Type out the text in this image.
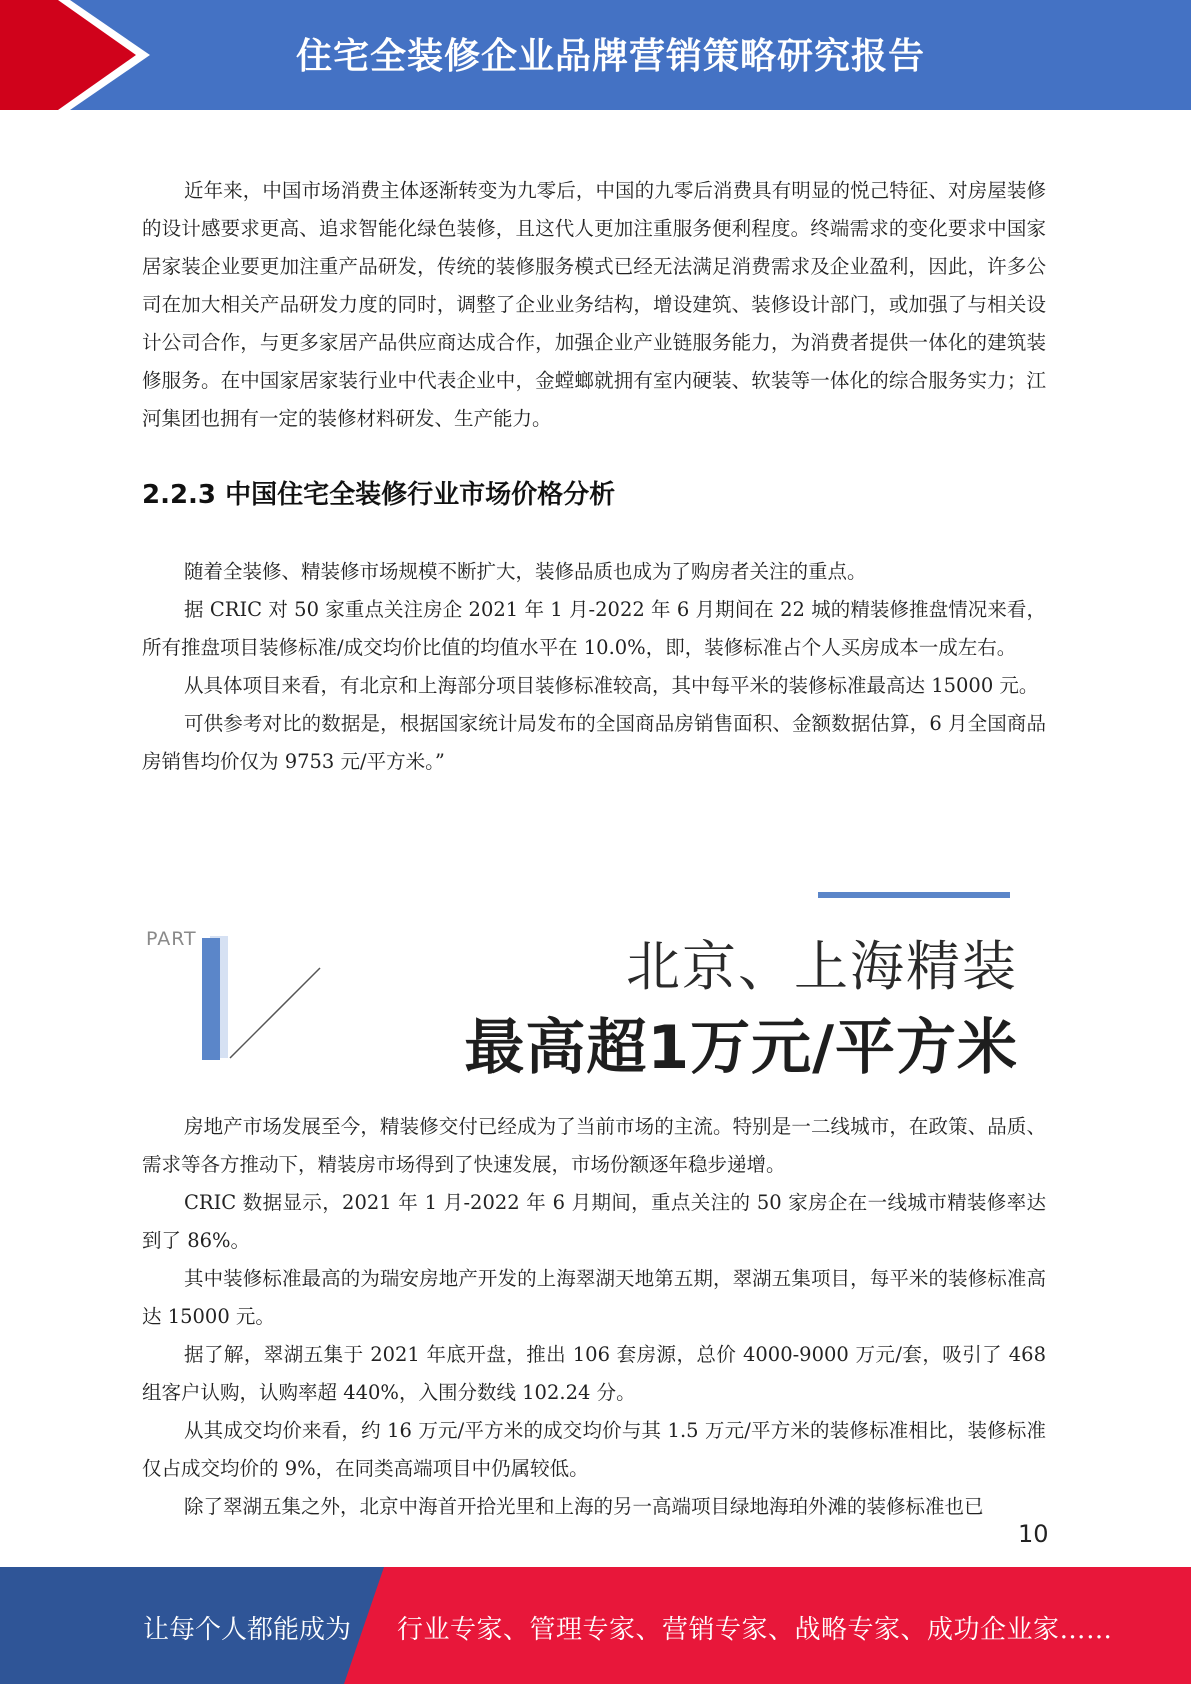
住宅全装修企业品牌营销策略研究报告

近年来，中国市场消费主体逐渐转变为九零后，中国的九零后消费具有明显的悦己特征、对房屋装修的设计感要求更高、追求智能化绿色装修，且这代人更加注重服务便利程度。终端需求的变化要求中国家居家装企业要更加注重产品研发，传统的装修服务模式已经无法满足消费需求及企业盈利，因此，许多公司在加大相关产品研发力度的同时，调整了企业业务结构，增设建筑、装修设计部门，或加强了与相关设计公司合作，与更多家居产品供应商达成合作，加强企业产业链服务能力，为消费者提供一体化的建筑装修服务。在中国家居家装行业中代表企业中，金螳螂就拥有室内硬装、软装等一体化的综合服务实力；江河集团也拥有一定的装修材料研发、生产能力。

2.2.3 中国住宅全装修行业市场价格分析

随着全装修、精装修市场规模不断扩大，装修品质也成为了购房者关注的重点。

据 CRIC 对 50 家重点关注房企 2021 年 1 月-2022 年 6 月期间在 22 城的精装修推盘情况来看，所有推盘项目装修标准/成交均价比值的均值水平在 10.0%，即，装修标准占个人买房成本一成左右。

从具体项目来看，有北京和上海部分项目装修标准较高，其中每平米的装修标准最高达 15000 元。

可供参考对比的数据是，根据国家统计局发布的全国商品房销售面积、金额数据估算，6 月全国商品房销售均价仅为 9753 元/平方米。”

PART	北京、上海精装
最高超1万元/平方米

房地产市场发展至今，精装修交付已经成为了当前市场的主流。特别是一二线城市，在政策、品质、需求等各方推动下，精装房市场得到了快速发展，市场份额逐年稳步递增。

CRIC 数据显示，2021 年 1 月-2022 年 6 月期间，重点关注的 50 家房企在一线城市精装修率达到了 86%。

其中装修标准最高的为瑞安房地产开发的上海翠湖天地第五期，翠湖五集项目，每平米的装修标准高达 15000 元。

据了解，翠湖五集于 2021 年底开盘，推出 106 套房源，总价 4000-9000 万元/套，吸引了 468 组客户认购，认购率超 440%，入围分数线 102.24 分。

从其成交均价来看，约 16 万元/平方米的成交均价与其 1.5 万元/平方米的装修标准相比，装修标准仅占成交均价的 9%，在同类高端项目中仍属较低。

除了翠湖五集之外，北京中海首开拾光里和上海的另一高端项目绿地海珀外滩的装修标准也已

10
让每个人都能成为 行业专家、管理专家、营销专家、战略专家、成功企业家……
